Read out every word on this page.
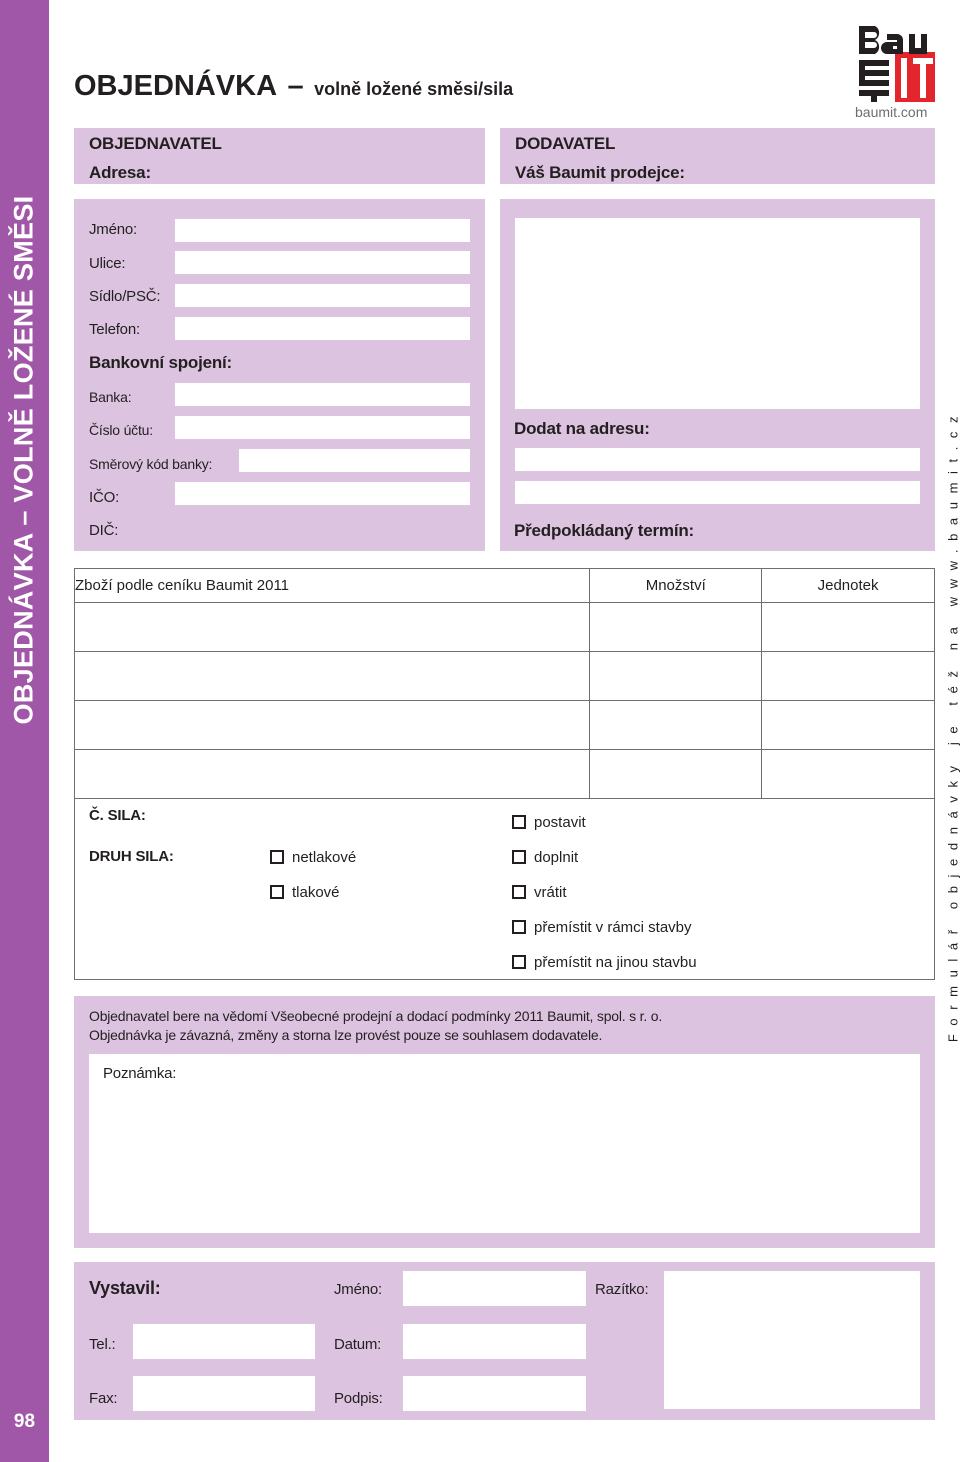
OBJEDNÁVKA – VOLNĚ LOŽENÉ SMĚSI
98
Formulář objednávky je též na www.baumit.cz
baumit.com
OBJEDNÁVKA – volně ložené směsi/sila
OBJEDNAVATEL
Adresa:
DODAVATEL
Váš Baumit prodejce:
Jméno:
Ulice:
Sídlo/PSČ:
Telefon:
Bankovní spojení:
Banka:
Číslo účtu:
Směrový kód banky:
IČO:
DIČ:
Dodat na adresu:
Předpokládaný termín:
Zboží podle ceníku Baumit 2011	Množství	Jednotek

Č. SILA:
DRUH SILA:	netlakové
tlakové
postavit
doplnit
vrátit
přemístit v rámci stavby
přemístit na jinou stavbu
Objednavatel bere na vědomí Všeobecné prodejní a dodací podmínky 2011 Baumit, spol. s r. o.
Objednávka je závazná, změny a storna lze provést pouze se souhlasem dodavatele.
Poznámka:
Vystavil:	Jméno:	Razítko:
Tel.:	Datum:
Fax:	Podpis:
